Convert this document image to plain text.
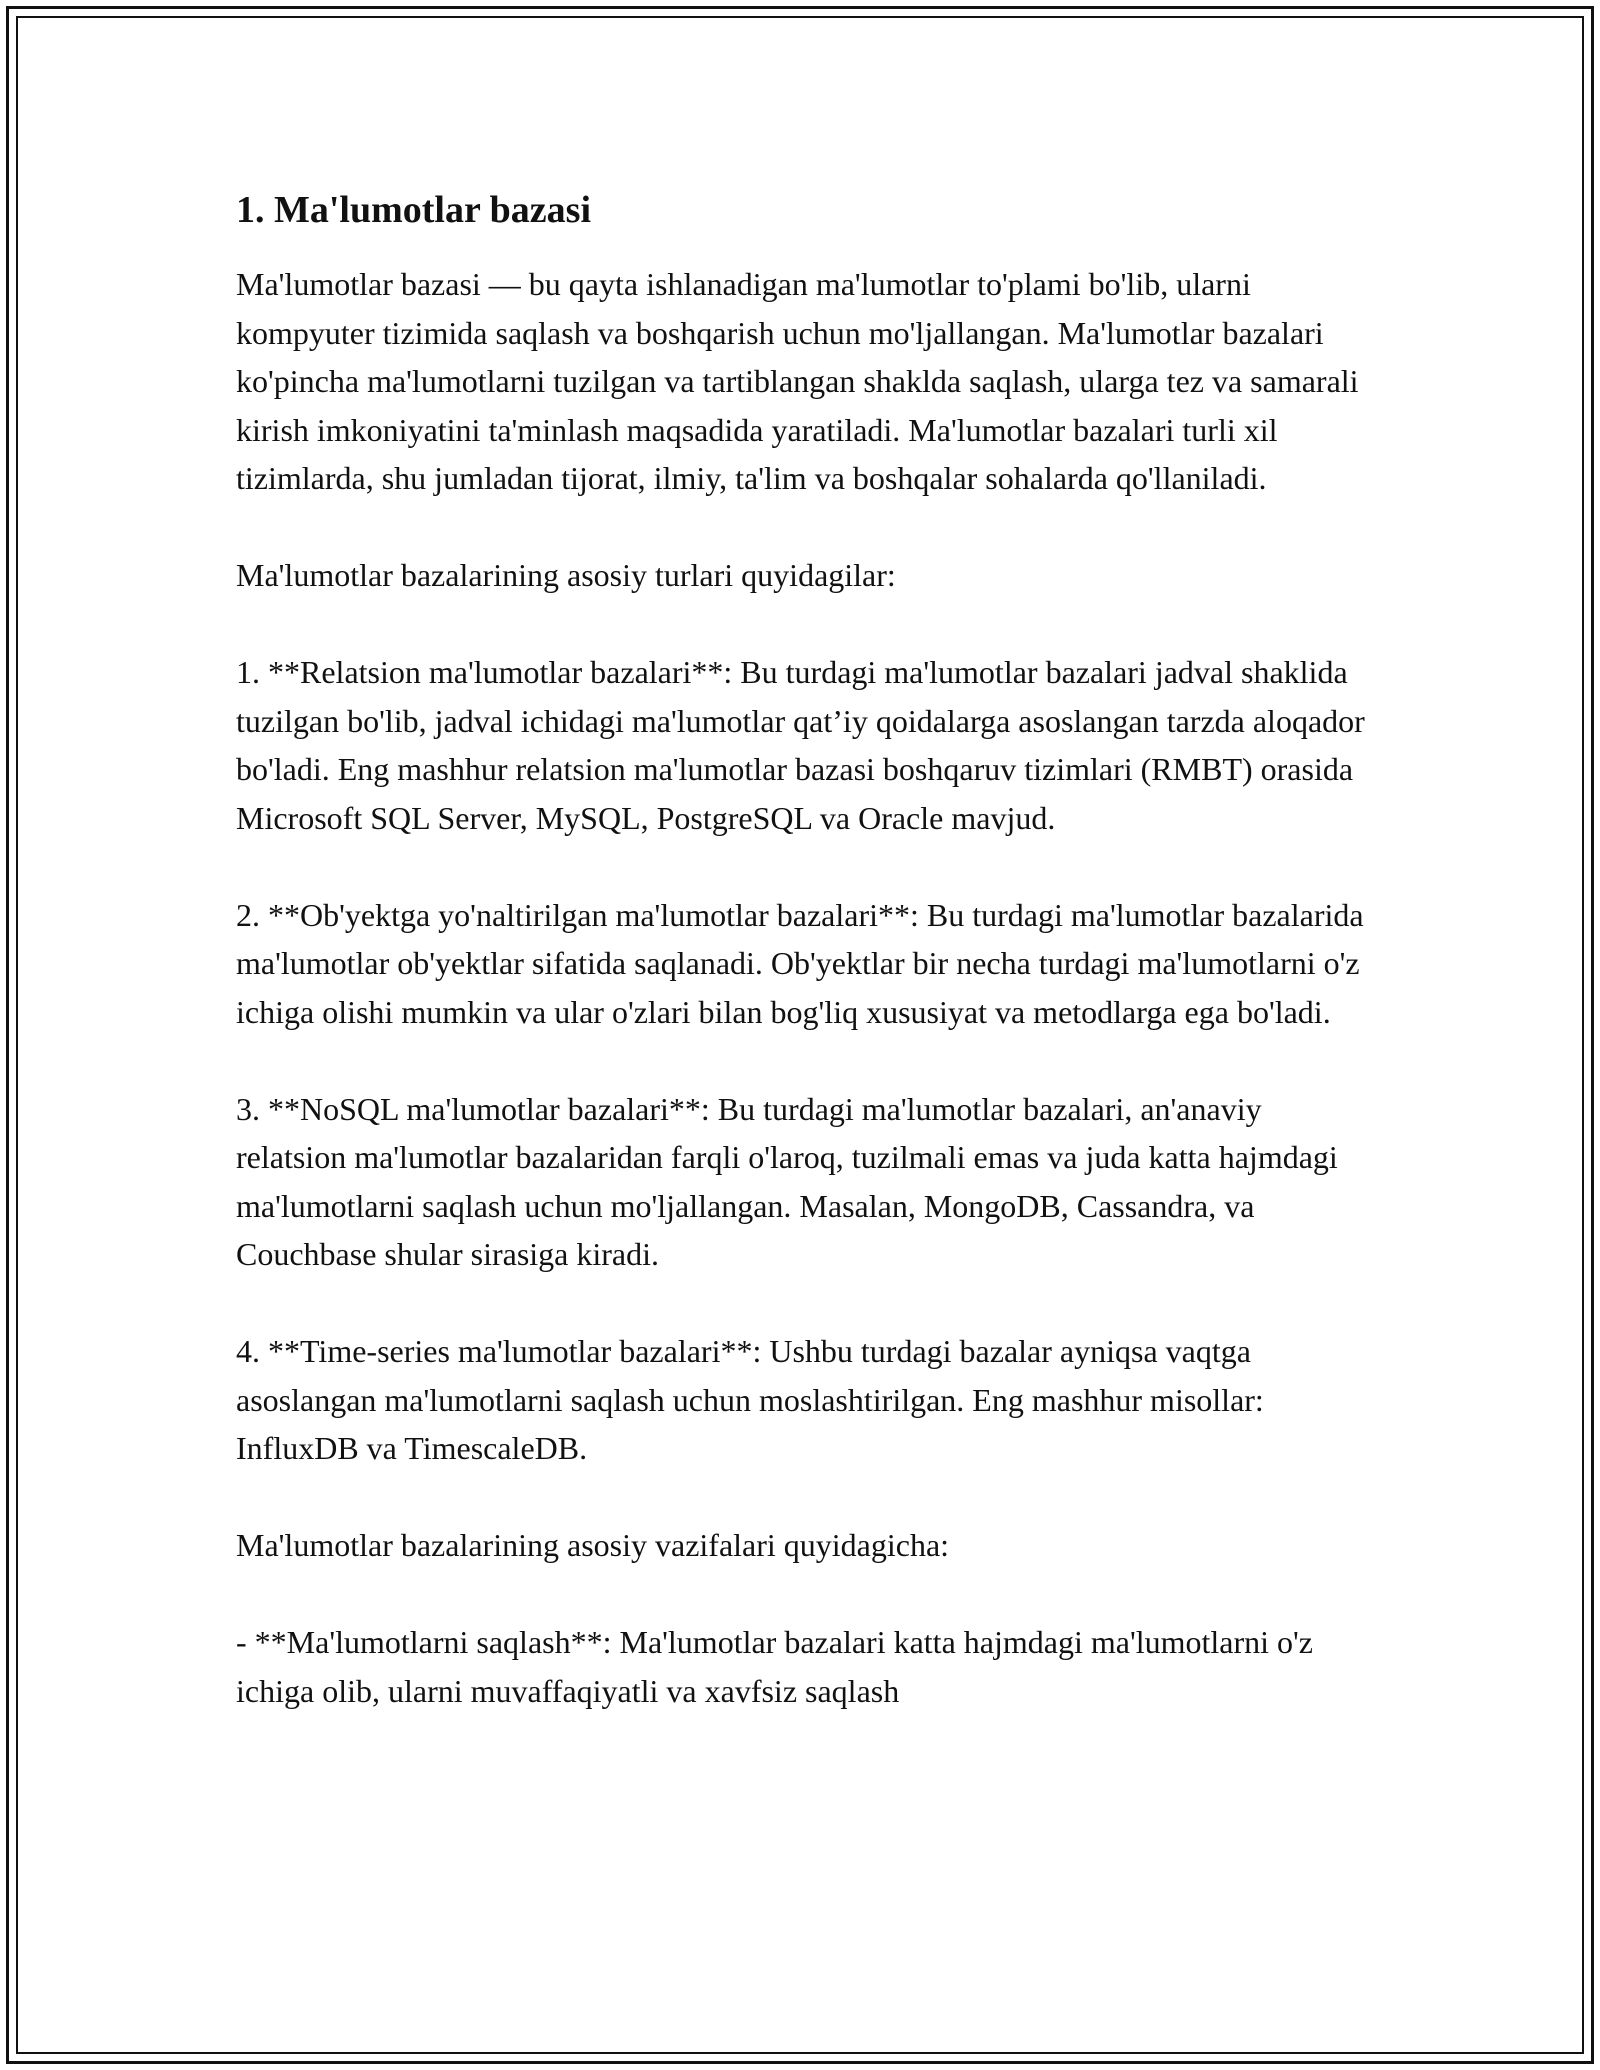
1. Ma'lumotlar bazasi

Ma'lumotlar bazasi — bu qayta ishlanadigan ma'lumotlar to'plami bo'lib, ularni kompyuter tizimida saqlash va boshqarish uchun mo'ljallangan. Ma'lumotlar bazalari ko'pincha ma'lumotlarni tuzilgan va tartiblangan shaklda saqlash, ularga tez va samarali kirish imkoniyatini ta'minlash maqsadida yaratiladi. Ma'lumotlar bazalari turli xil tizimlarda, shu jumladan tijorat, ilmiy, ta'lim va boshqalar sohalarda qo'llaniladi.

Ma'lumotlar bazalarining asosiy turlari quyidagilar:

1. **Relatsion ma'lumotlar bazalari**: Bu turdagi ma'lumotlar bazalari jadval shaklida tuzilgan bo'lib, jadval ichidagi ma'lumotlar qat’iy qoidalarga asoslangan tarzda aloqador bo'ladi. Eng mashhur relatsion ma'lumotlar bazasi boshqaruv tizimlari (RMBT) orasida Microsoft SQL Server, MySQL, PostgreSQL va Oracle mavjud.

2. **Ob'yektga yo'naltirilgan ma'lumotlar bazalari**: Bu turdagi ma'lumotlar bazalarida ma'lumotlar ob'yektlar sifatida saqlanadi. Ob'yektlar bir necha turdagi ma'lumotlarni o'z ichiga olishi mumkin va ular o'zlari bilan bog'liq xususiyat va metodlarga ega bo'ladi.

3. **NoSQL ma'lumotlar bazalari**: Bu turdagi ma'lumotlar bazalari, an'anaviy relatsion ma'lumotlar bazalaridan farqli o'laroq, tuzilmali emas va juda katta hajmdagi ma'lumotlarni saqlash uchun mo'ljallangan. Masalan, MongoDB, Cassandra, va Couchbase shular sirasiga kiradi.

4. **Time-series ma'lumotlar bazalari**: Ushbu turdagi bazalar ayniqsa vaqtga asoslangan ma'lumotlarni saqlash uchun moslashtirilgan. Eng mashhur misollar: InfluxDB va TimescaleDB.

Ma'lumotlar bazalarining asosiy vazifalari quyidagicha:

- **Ma'lumotlarni saqlash**: Ma'lumotlar bazalari katta hajmdagi ma'lumotlarni o'z ichiga olib, ularni muvaffaqiyatli va xavfsiz saqlash
